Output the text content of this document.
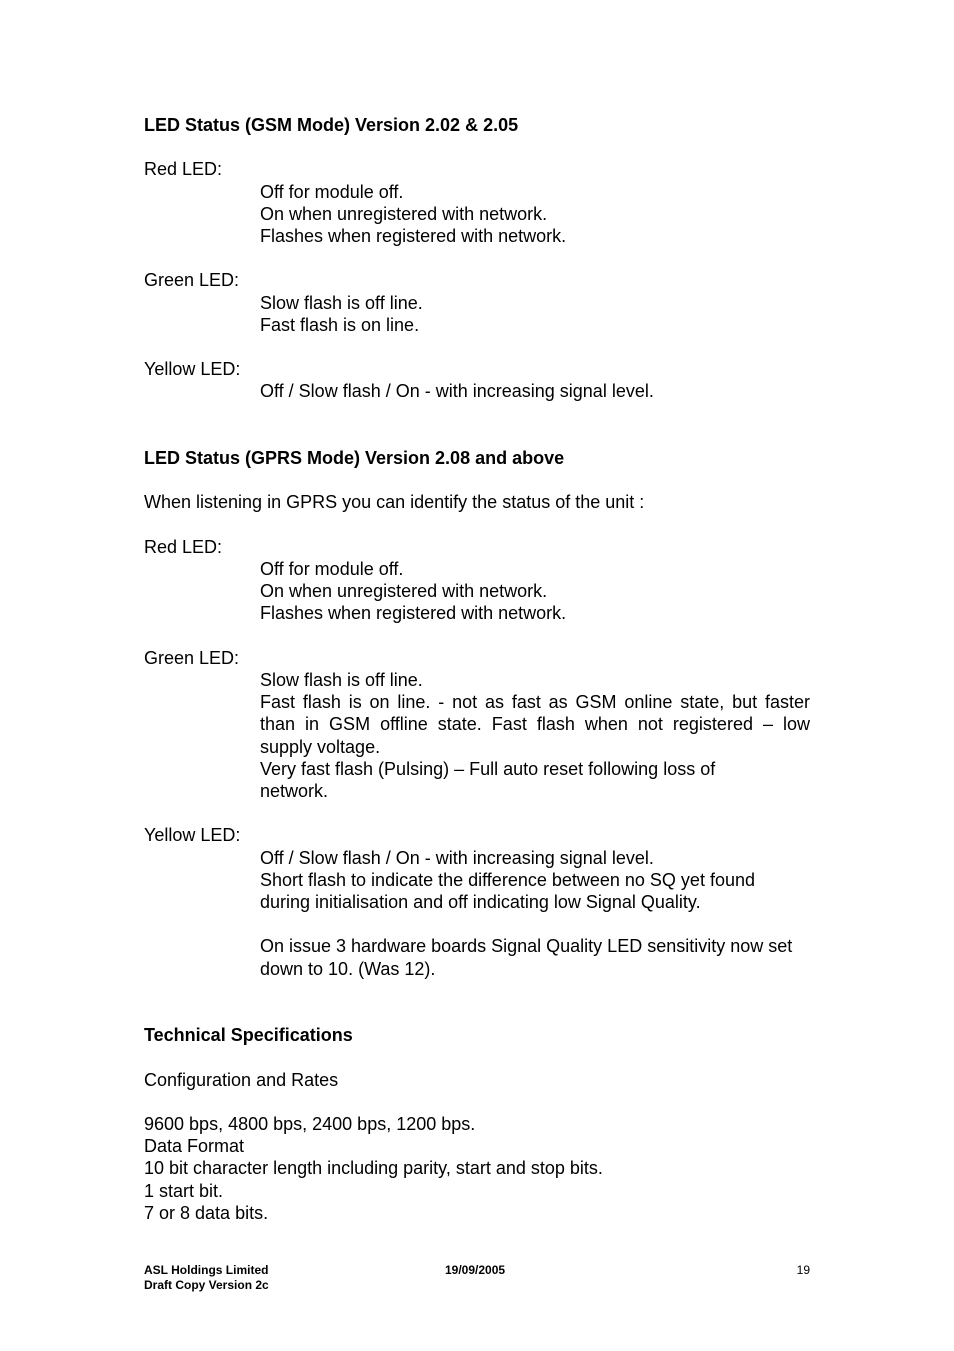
LED Status (GSM Mode) Version 2.02 & 2.05

Red LED:

Off for module off.

On when unregistered with network.

Flashes when registered with network.

Green LED:

Slow flash is off line.

Fast flash is on line.

Yellow LED:

Off / Slow flash / On - with increasing signal level.

LED Status (GPRS Mode) Version 2.08 and above

When listening in GPRS you can identify the status of the unit :

Red LED:

Off for module off.

On when unregistered with network.

Flashes when registered with network.

Green LED:

Slow flash is off line.

Fast flash is on line. - not as fast as GSM online state, but faster than in GSM offline state. Fast flash when not registered – low supply voltage.

Very fast flash (Pulsing) – Full auto reset following loss of network.

Yellow LED:

Off / Slow flash / On - with increasing signal level.

Short flash to indicate the difference between no SQ yet found during initialisation and off indicating low Signal Quality.

On issue 3 hardware boards Signal Quality LED sensitivity now set down to 10. (Was 12).

Technical Specifications

Configuration and Rates

9600 bps, 4800 bps, 2400 bps, 1200 bps.

Data Format

10 bit character length including parity, start and stop bits.

1 start bit.

7 or 8 data bits.

ASL Holdings Limited
Draft Copy Version 2c
19/09/2005	19
